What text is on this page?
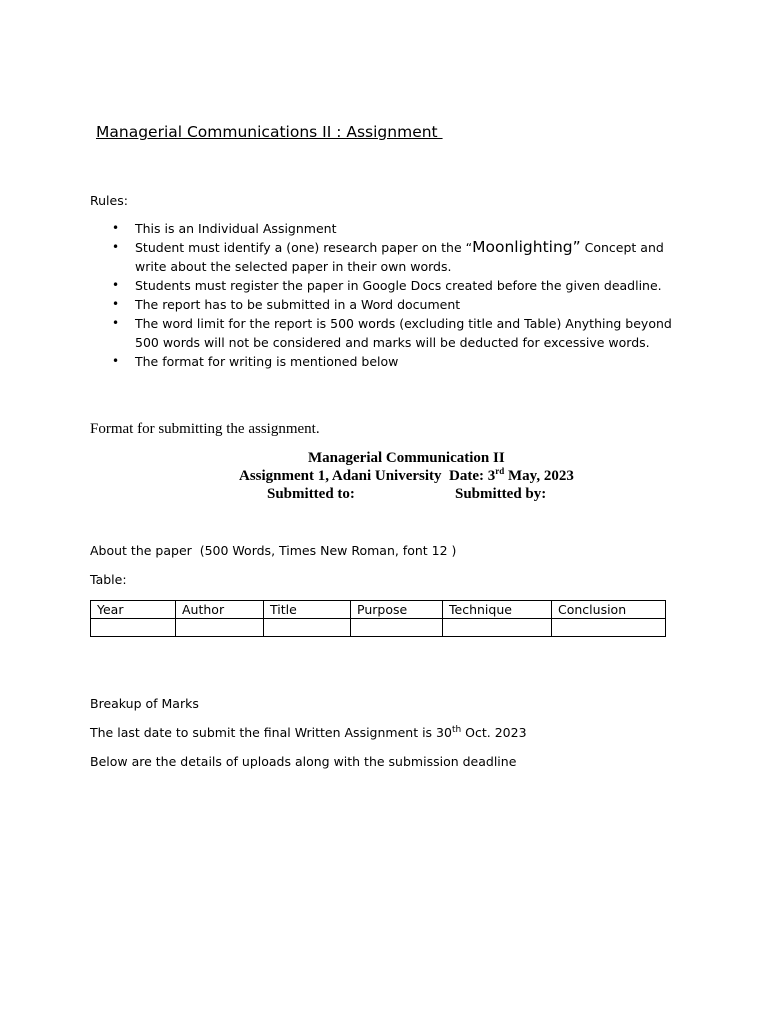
Managerial Communications II : Assignment
Rules:
• This is an Individual Assignment
• Student must identify a (one) research paper on the “Moonlighting” Concept and write about the selected paper in their own words.
• Students must register the paper in Google Docs created before the given deadline.
• The report has to be submitted in a Word document
• The word limit for the report is 500 words (excluding title and Table) Anything beyond 500 words will not be considered and marks will be deducted for excessive words.
• The format for writing is mentioned below
Format for submitting the assignment.
Managerial Communication II
Assignment 1, Adani University  Date: 3rd May, 2023
Submitted to:	Submitted by:
About the paper  (500 Words, Times New Roman, font 12 )
Table:
Year	Author	Title	Purpose	Technique	Conclusion

Breakup of Marks
The last date to submit the final Written Assignment is 30th Oct. 2023
Below are the details of uploads along with the submission deadline
